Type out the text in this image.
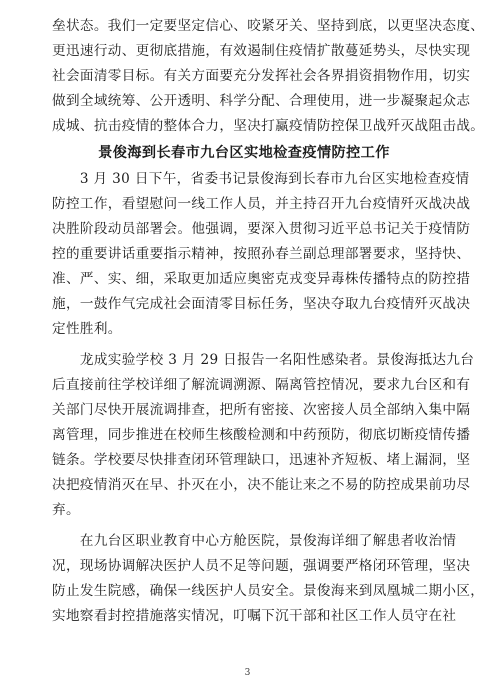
垒状态。我们一定要坚定信心、咬紧牙关、坚持到底，以更坚决态度、
更迅速行动、更彻底措施，有效遏制住疫情扩散蔓延势头，尽快实现
社会面清零目标。有关方面要充分发挥社会各界捐资捐物作用，切实
做到全域统筹、公开透明、科学分配、合理使用，进一步凝聚起众志
成城、抗击疫情的整体合力，坚决打赢疫情防控保卫战歼灭战阻击战。

景俊海到长春市九台区实地检查疫情防控工作

　　3 月 30 日下午，省委书记景俊海到长春市九台区实地检查疫情
防控工作，看望慰问一线工作人员，并主持召开九台疫情歼灭战决战
决胜阶段动员部署会。他强调，要深入贯彻习近平总书记关于疫情防
控的重要讲话重要指示精神，按照孙春兰副总理部署要求，坚持快、
准、严、实、细，采取更加适应奥密克戎变异毒株传播特点的防控措
施，一鼓作气完成社会面清零目标任务，坚决夺取九台疫情歼灭战决
定性胜利。

　　龙成实验学校 3 月 29 日报告一名阳性感染者。景俊海抵达九台
后直接前往学校详细了解流调溯源、隔离管控情况，要求九台区和有
关部门尽快开展流调排查，把所有密接、次密接人员全部纳入集中隔
离管理，同步推进在校师生核酸检测和中药预防，彻底切断疫情传播
链条。学校要尽快排查闭环管理缺口，迅速补齐短板、堵上漏洞，坚
决把疫情消灭在早、扑灭在小，决不能让来之不易的防控成果前功尽
弃。

　　在九台区职业教育中心方舱医院，景俊海详细了解患者收治情
况，现场协调解决医护人员不足等问题，强调要严格闭环管理，坚决
防止发生院感，确保一线医护人员安全。景俊海来到凤凰城二期小区，
实地察看封控措施落实情况，叮嘱下沉干部和社区工作人员守在社

3
